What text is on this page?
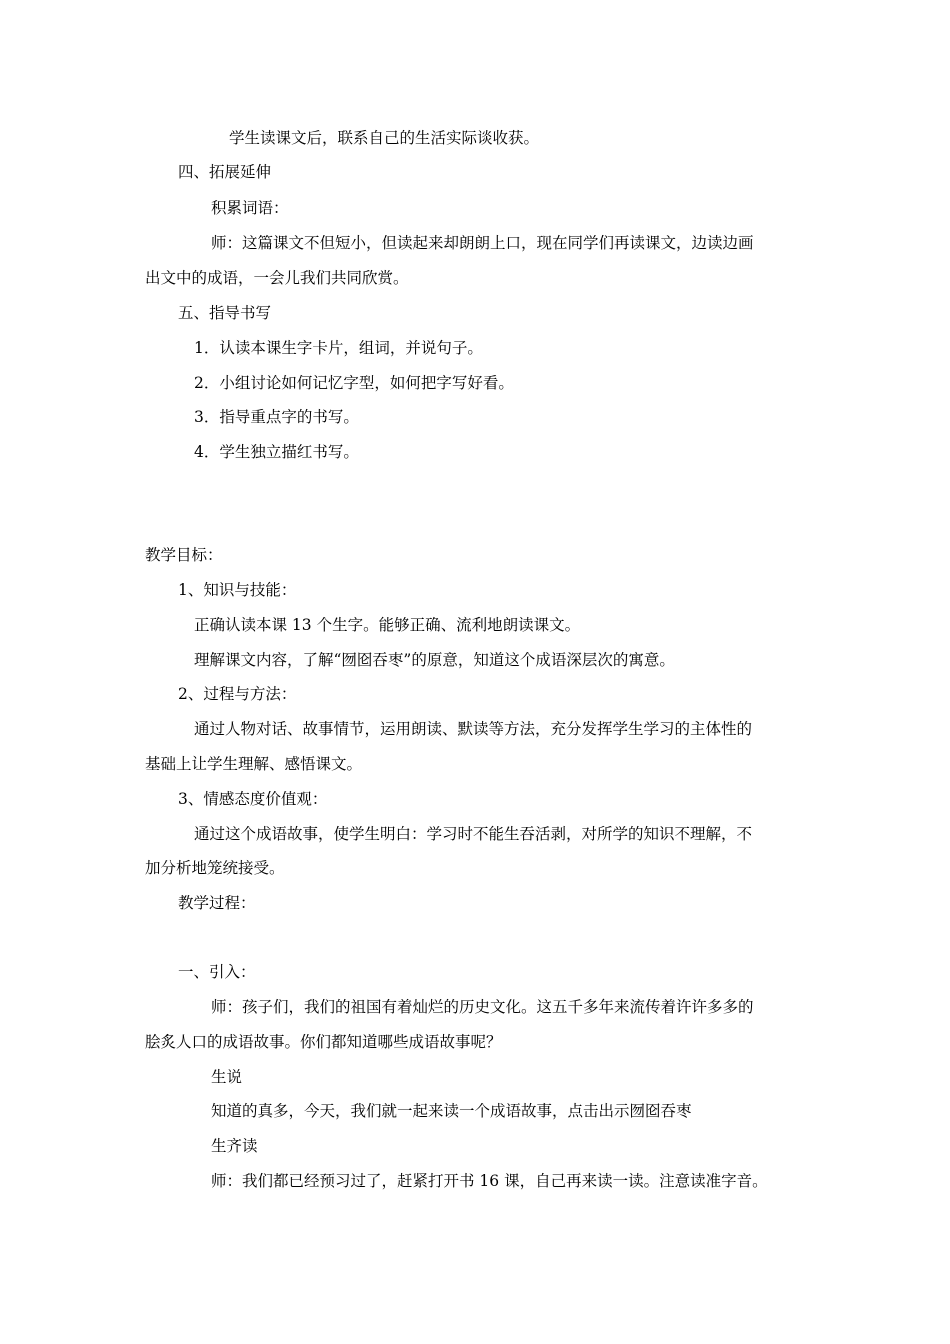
学生读课文后，联系自己的生活实际谈收获。
四、拓展延伸
积累词语：
师：这篇课文不但短小，但读起来却朗朗上口，现在同学们再读课文，边读边画
出文中的成语，一会儿我们共同欣赏。
五、指导书写
1．认读本课生字卡片，组词，并说句子。
2．小组讨论如何记忆字型，如何把字写好看。
3．指导重点字的书写。
4．学生独立描红书写。
教学目标：
1、知识与技能：
正确认读本课 13 个生字。能够正确、流利地朗读课文。
理解课文内容，了解“囫囵吞枣”的原意，知道这个成语深层次的寓意。
2、过程与方法：
通过人物对话、故事情节，运用朗读、默读等方法，充分发挥学生学习的主体性的
基础上让学生理解、感悟课文。
3、情感态度价值观：
通过这个成语故事，使学生明白：学习时不能生吞活剥，对所学的知识不理解，不
加分析地笼统接受。
教学过程：
一、引入：
师：孩子们，我们的祖国有着灿烂的历史文化。这五千多年来流传着许许多多的
脍炙人口的成语故事。你们都知道哪些成语故事呢？
生说
知道的真多，今天，我们就一起来读一个成语故事，点击出示囫囵吞枣
生齐读
师：我们都已经预习过了，赶紧打开书 16 课，自己再来读一读。注意读准字音。
